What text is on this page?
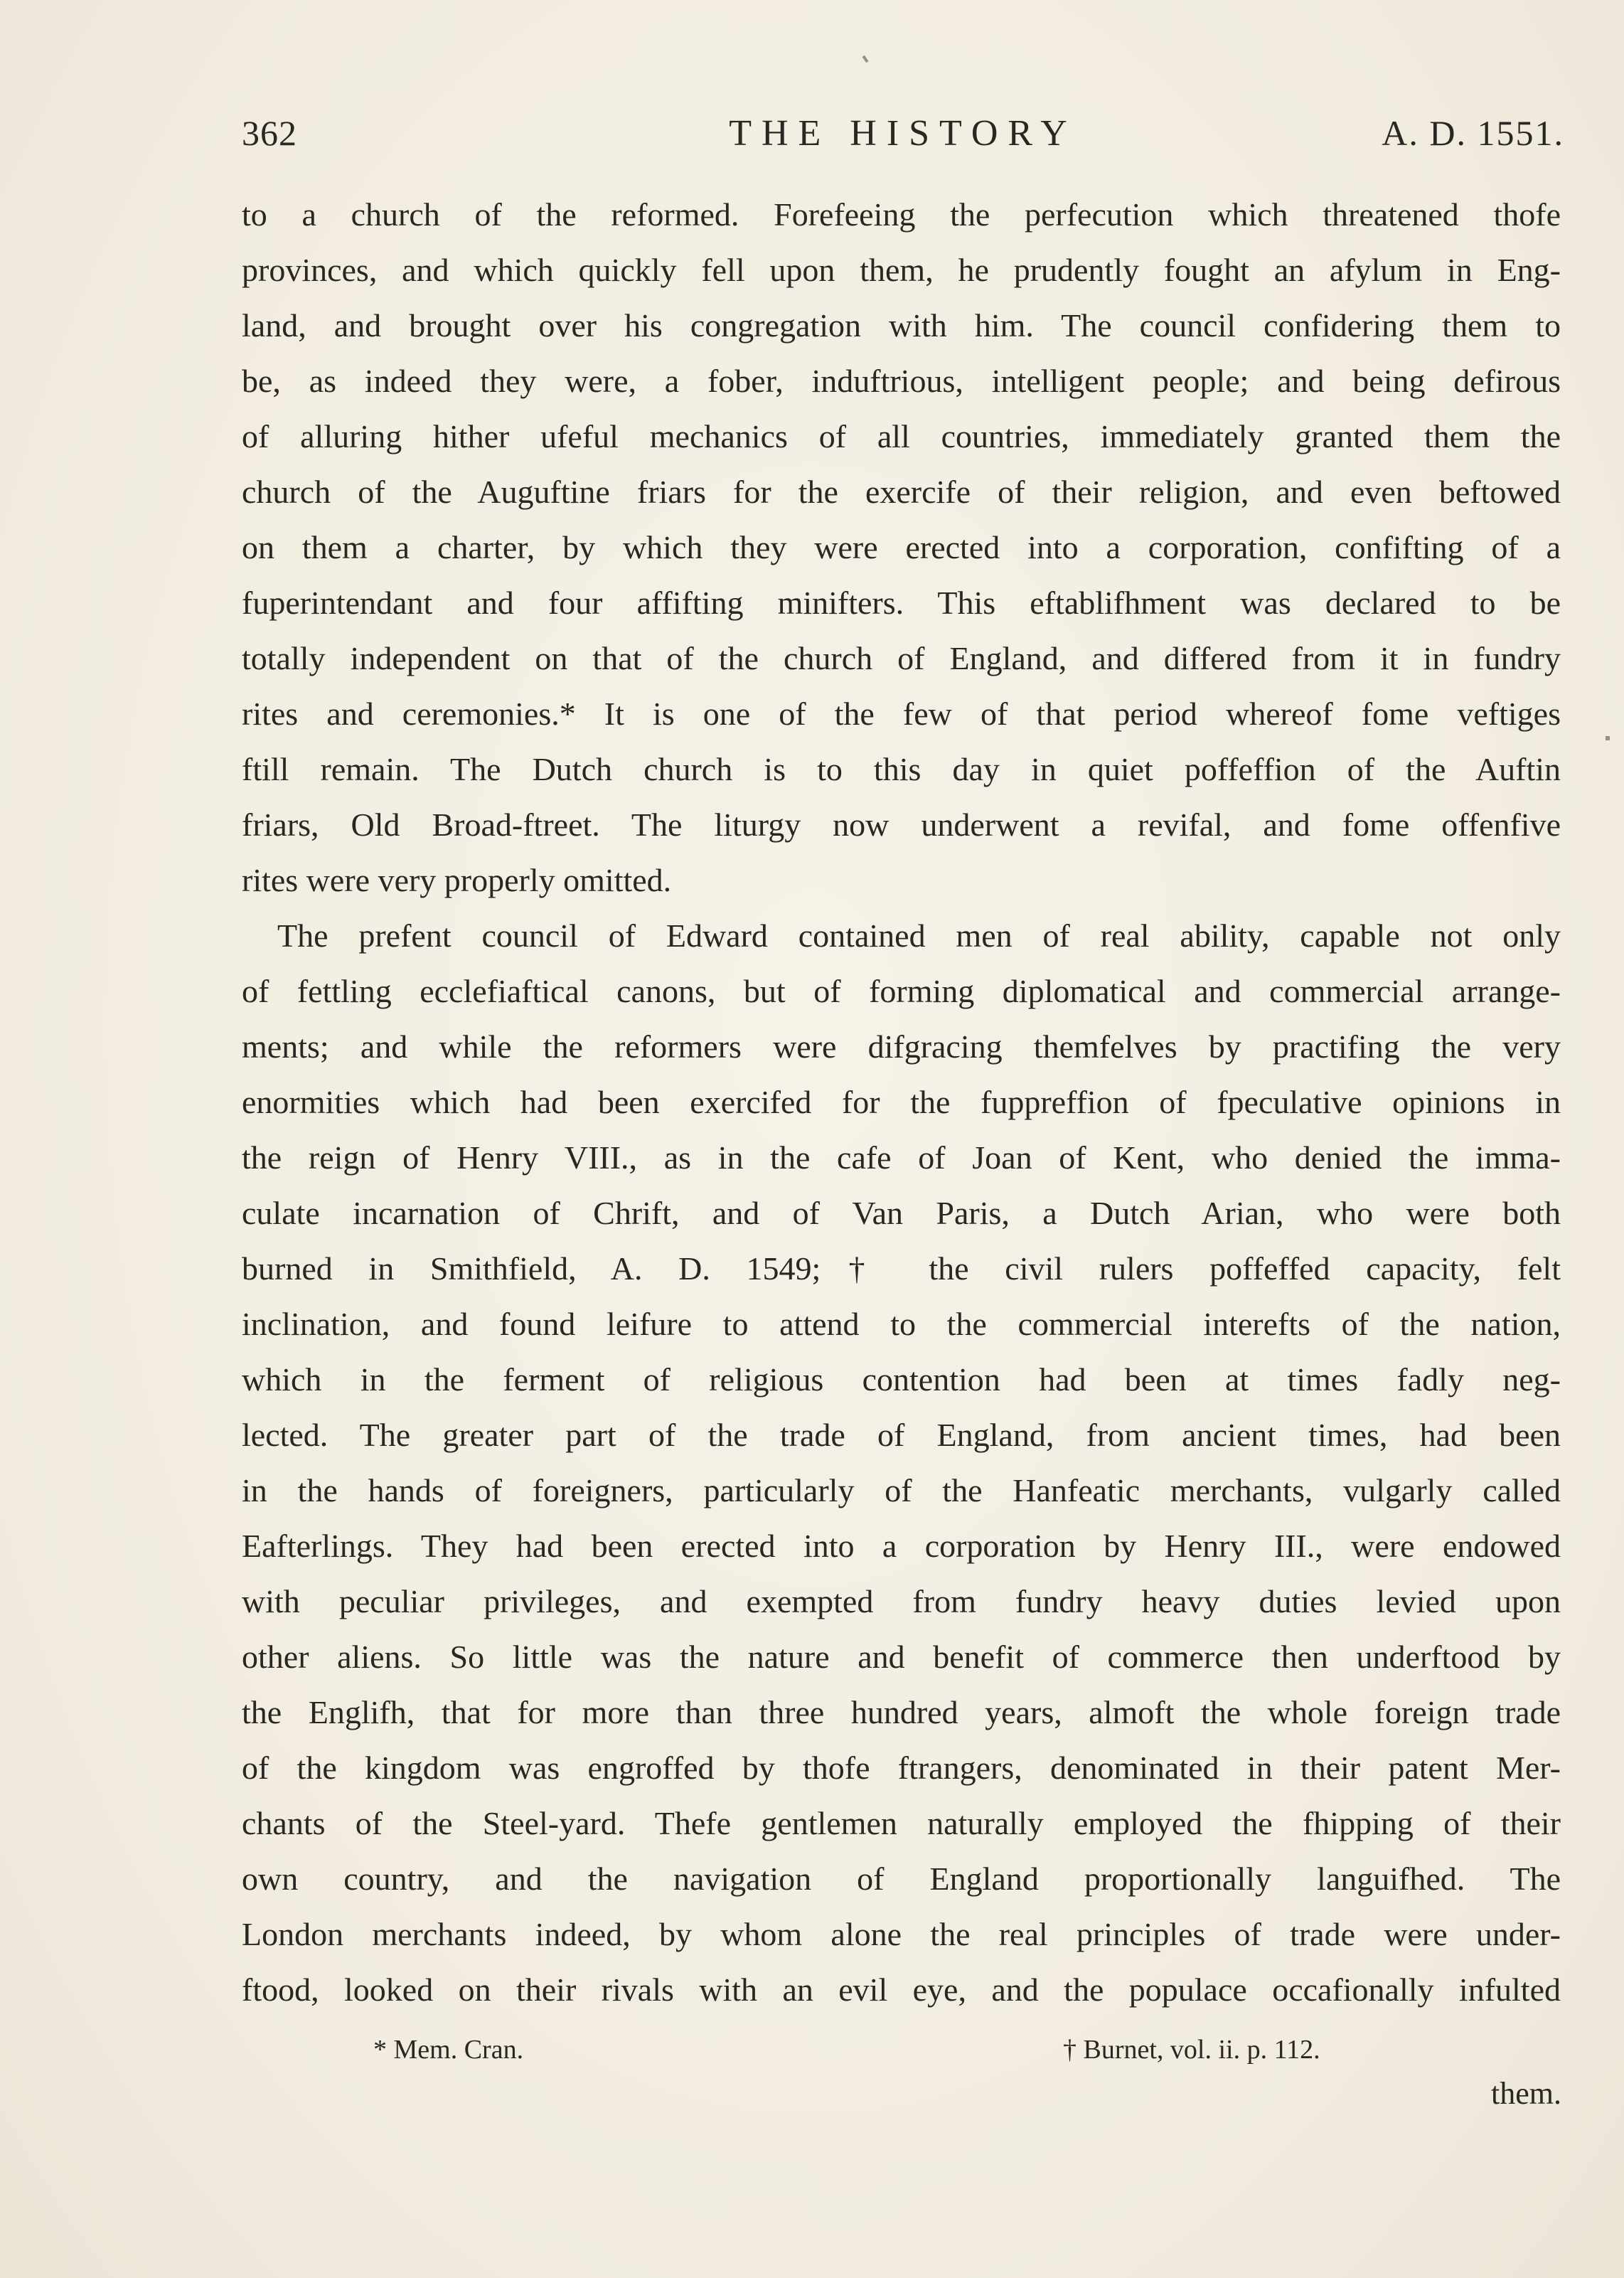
362	THE HISTORY	A. D. 1551.
to a church of the reformed. Forefeeing the perfecution which threatened thofe
provinces, and which quickly fell upon them, he prudently fought an afylum in Eng-
land, and brought over his congregation with him. The council confidering them to
be, as indeed they were, a fober, induftrious, intelligent people; and being defirous
of alluring hither ufeful mechanics of all countries, immediately granted them the
church of the Auguftine friars for the exercife of their religion, and even beftowed
on them a charter, by which they were erected into a corporation, confifting of a
fuperintendant and four affifting minifters. This eftablifhment was declared to be
totally independent on that of the church of England, and differed from it in fundry
rites and ceremonies.* It is one of the few of that period whereof fome veftiges
ftill remain. The Dutch church is to this day in quiet poffeffion of the Auftin
friars, Old Broad-ftreet. The liturgy now underwent a revifal, and fome offenfive
rites were very properly omitted.
The prefent council of Edward contained men of real ability, capable not only
of fettling ecclefiaftical canons, but of forming diplomatical and commercial arrange-
ments; and while the reformers were difgracing themfelves by practifing the very
enormities which had been exercifed for the fuppreffion of fpeculative opinions in
the reign of Henry VIII., as in the cafe of Joan of Kent, who denied the imma-
culate incarnation of Chrift, and of Van Paris, a Dutch Arian, who were both
burned in Smithfield, A. D. 1549;† the civil rulers poffeffed capacity, felt
inclination, and found leifure to attend to the commercial interefts of the nation,
which in the ferment of religious contention had been at times fadly neg-
lected. The greater part of the trade of England, from ancient times, had been
in the hands of foreigners, particularly of the Hanfeatic merchants, vulgarly called
Eafterlings. They had been erected into a corporation by Henry III., were endowed
with peculiar privileges, and exempted from fundry heavy duties levied upon
other aliens. So little was the nature and benefit of commerce then underftood by
the Englifh, that for more than three hundred years, almoft the whole foreign trade
of the kingdom was engroffed by thofe ftrangers, denominated in their patent Mer-
chants of the Steel-yard. Thefe gentlemen naturally employed the fhipping of their
own country, and the navigation of England proportionally languifhed. The
London merchants indeed, by whom alone the real principles of trade were under-
ftood, looked on their rivals with an evil eye, and the populace occafionally infulted
* Mem. Cran.	† Burnet, vol. ii. p. 112.
them.
